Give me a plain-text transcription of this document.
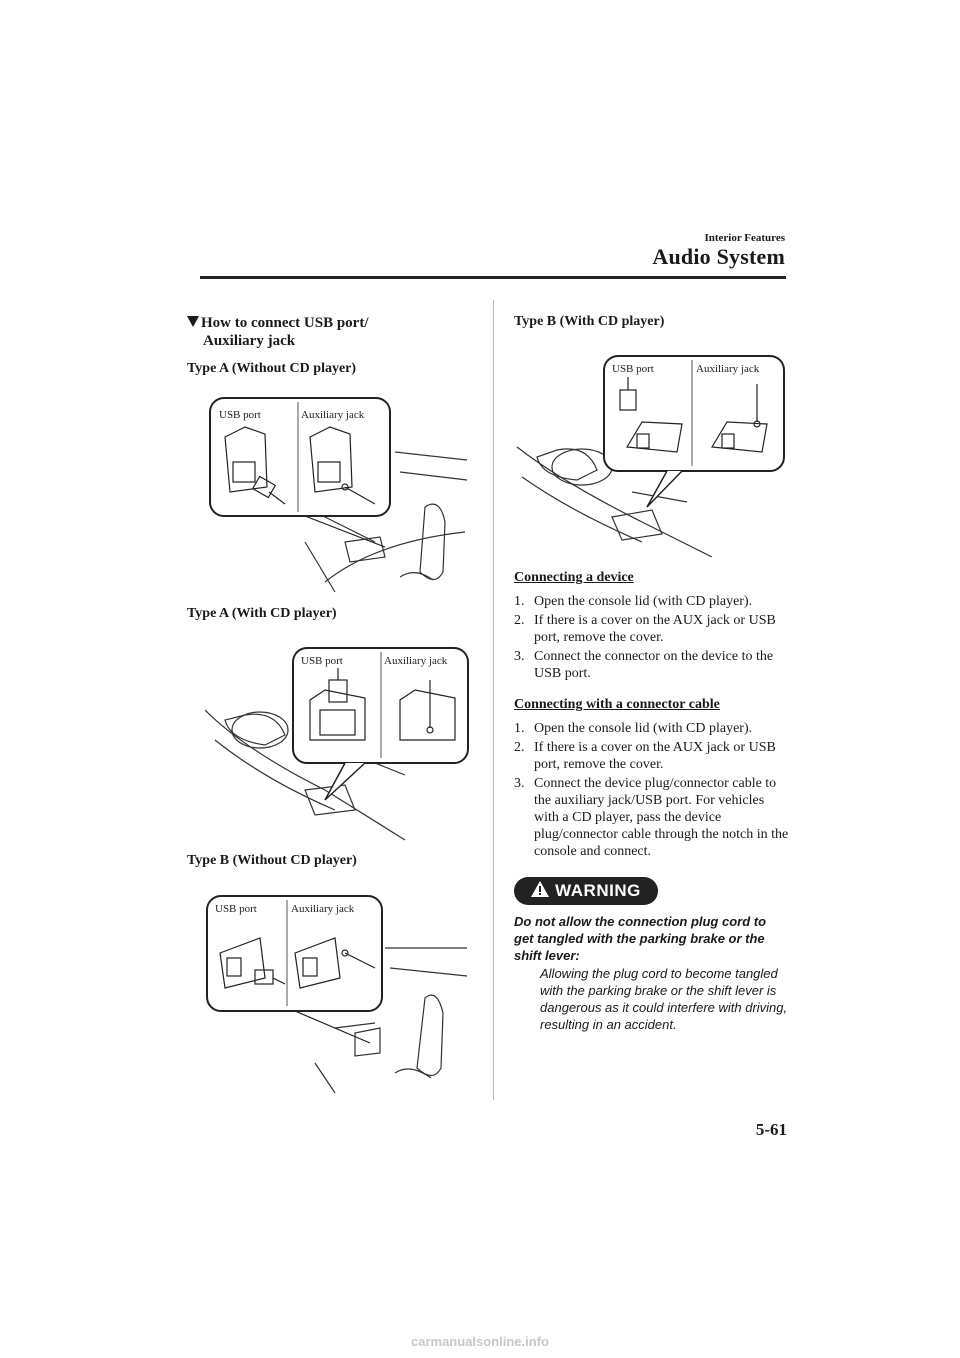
Interior Features
Audio System
How to connect USB port/
Auxiliary jack
Type A (Without CD player)
Type A (With CD player)
Type B (Without CD player)
Type B (With CD player)
USB port	Auxiliary jack
USB port	Auxiliary jack
USB port	Auxiliary jack
USB port	Auxiliary jack
Connecting a device
1. Open the console lid (with CD player).
2. If there is a cover on the AUX jack or USB port, remove the cover.
3. Connect the connector on the device to the USB port.
Connecting with a connector cable
1. Open the console lid (with CD player).
2. If there is a cover on the AUX jack or USB port, remove the cover.
3. Connect the device plug/connector cable to the auxiliary jack/USB port. For vehicles with a CD player, pass the device plug/connector cable through the notch in the console and connect.
WARNING
Do not allow the connection plug cord to get tangled with the parking brake or the shift lever:
Allowing the plug cord to become tangled with the parking brake or the shift lever is dangerous as it could interfere with driving, resulting in an accident.
5-61
carmanualsonline.info
